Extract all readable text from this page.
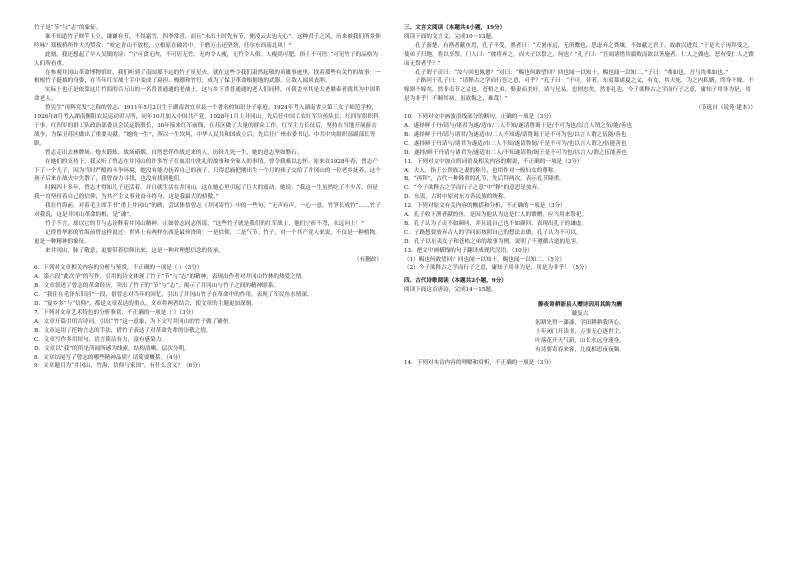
竹子是“节”与“志”的象征。

谁不知道竹子修竿玉立，谦谦有节，不畏霜雪，四季常青，而且“未出土时先有节，便凌云去也无心”。这种君子之风，历来被我们所景仰吟咏？郑板桥所作大为赞赏：“咬定青山不放松，立根原在破岩中。千磨万击还坚劲，任尔东西南北风！”

此刻，我还想起了早人吴镇的诗：“宁可食无肉，不可居无竹。无肉令人瘦，无竹令人俗。人瘦尚可肥，俗士不可医。”可见竹子的品格为人们所看重。

在参观井冈山革命博物馆时，我们听到了南国那不远的竹子星星火。就在这些令我们肃然起敬的英雄事迹里，找着那些有关竹的故事：一根根竹子挺拔的身姿，在当年红军战士手中变成了扁担、梭镖和竹钉，成为了保卫革命根据地的武器，让敌人闻风丧胆。

实际上也正是依靠这片竹海的百万山的一名普普通通的老战士，这与乡下普普通通的老人们同样，可我歪卒其是大老鼎泰者就其为中国革命老人。

曾宪生“再辉竞发”之称的曾志，1911年5月2日生于湖南省宜章县一个著名的知识分子家庭。1924年考入湖南省立第三女子师范学校，1926年8月考入湖南衡阳农民运动讲习所，同年10月加入中国共产党。1928年1月上井冈山，先后任中国工农红军宣传队长、红四军组织科干事、红四军的群工队政治部委员会民运股股长，30年接来红军前线，在苏区做了大量的群众工作，红军主力长征后，坚持在当地开展游击战争，为保卫苏区做出了重要贡献。“她的一生”，所以一生坎坷，中华人民共和国成立后，先后任广州市委书记、中共中央组织部副部长等职。

曾志走出去林牌场、炮火锻炼、战场硝烟、自然恶伴作战过来的人，历经九死一生，她的意志坚如磐石。

在她们的支持下，我又听了曾志在井冈山的许多竹子在血泪中洗礼的故事和全家人的事情，曾令我难以忘怀。原来在1928年春，曾志产下了一个儿子，因为当时严酷的斗争环境，她没有能力抚养自己的孩子，只得忍痛把刚出生一个月的孩子交给了井冈山的一位老乡抚养，这个孩子后来在战火中失散了，我曾奋力寻找，也没有找到他们。

时隔四十多年，曾志才得知儿子还活着，并且就生活在井冈山，这在她心里引起了巨大的震动。她说：“我这一生虽然吃了不少苦，但是我一直坚持着自己的信仰，为共产主义事业奋斗终身，这是我最大的骄傲。”

我在竹海前，对着毛主席手书“重上井冈山”的碑，尝试体悟曾志《井冈寄竹》中的一些句，“无声有声，一心一意，竹笋长成竹”……竹子对我说，这是井冈山革命的根，是“魂”。

竹子不言，却以它的节与志诠释着井冈山精神。正如曾志同志所说，“这些竹子就是我们的红军战士，他们宁折不弯，永远向上！”

记得曾华彩的竹海前曾这样说过：世界上有两样东西是最珍贵的：一是信仰，二是气节。竹子，对一个共产党人来说，不仅是一种植物，更是一种精神的象征。

来井冈山，脉了敬意，更要带着信仰出来，这是一种对理想信念的传承。

（有删改）

6．下列对文章相关内容的分析与鉴赏，不正确的一项是（ ）（3分）

A．第六段“此次孕”的写作，引用的诗文体现了竹子“节”与“志”的精神，表现出作者对井冈山竹林的热爱之情。

B．文章叙述了曾志的革命经历，突出了竹子的“节”与“志”，揭示了井冈山与竹子之间的精神联系。

C．“我住在毛泽东旧居”一段，借曾志对当年的回忆，引出了井冈山竹子在革命中的作用，表现了军民鱼水情深。

D．“宴乡多”与“信仰”，都是文章表达的重点，文章将两者结合，使文章的主题更加深刻。

7．下列对文章艺术特色的分析鉴赏，不正确的一项是（ ）（3分）

A．文章开篇引用古诗词，引出“竹”这一意象，为下文写井冈山的竹子做了铺垫。

B．文章运用了托物言志的手法，借竹子表达了对革命先辈的崇敬之情。

C．文章写作多用短句，语言简洁有力，富有感染力。

D．文章以“我”的所见所闻所感为线索，结构清晰，层次分明。

8．文章结尾写了曾志的哪些精神品质？请简要概括。（4分）

9．文章题目为“井冈山，竹海，信仰与家国”，有什么含义？（6分）

三、文言文阅读（本题共4小题，19分）

阅读下面的文言文，完成10～13题。

孔子游楚，有渔者献鱼焉，孔子不受。渔者曰：“天暑市远，无所鬻也，思虑弃之粪壤，不如献之君子，故敢以进焉。”于是夫子再拜受之，使弟子扫地，将以享祭。门人曰：“彼将弃之，而夫子以祭之，何也？”孔子曰：“吾闻诸惜其腐败而欲以务施者，仁人之偶也，恶有受仁人之馈而无祭者乎？”

孔子谓子贡曰：“汝与回也孰愈？”对曰：“赐也何敢望回？回也闻一以知十，赐也闻一以知二。”子曰：“弗如也。吾与汝弗如也。”

子路问于孔子曰：“请释古之学而行吾之意，可乎？”孔子曰：“不可。昔者，东夷慕诸夏之义，有女，其夫死，为之内私婿，终身不嫁。不嫁则不嫁矣，然非贞节之义也。苍梧之弟，娶妻而美好，请与兄易。忠则忠矣，然非礼也。今子欲释古之学而行子之意，庸知子用非为是，用是为非乎！不顺其初，虽欲悔之，难哉！”

（节选自《说苑·建本》）

10．下列对文中画波浪线部分的断句，正确的一项是（3分）

A．遂择鲜于丹/请与/诸君为遂/适市/二人不知/遂请鲁谒于是/不可为也/以言人谓之伍/能/善也

B．遂择鲜于丹/请与诸君/为遂适市/二人不知遂/请鲁谒于是不可为也/以言人谓之伍能/善也

C．遂择鲜于丹请与/诸君为遂适/市二人不知/遂请鲁谒/于是不可为/也以言人谓之/伍能善也

D．遂择/鲜于丹请与诸君为/遂适市二人/不知遂请鲁/谒于是不可为也/以言人/谓之伍能善也

11．下列对文中加点的词语及相关内容的解说，不正确的一项是（3分）

A．夫人，指王公贵族之妻的称号，也用作对一般妇女的尊称。

B．“再拜”，古代一种隆重的礼节，先后拜两次，表示礼节隆重。

C．“今子欲释古之学而行子之意”中“释”的意思是放弃。

D．东夷，古时中原对东方各民族的统称。

12．下列对原文有关内容的概括和分析，不正确的一项是（3分）

A．孔子收下渔者献的鱼，是因为他认为这是仁人的馈赠，应当用来祭祀。

B．孔子认为子贡不如颜回，并且说自己也不如颜回，表现出孔子的谦虚。

C．子路想要放弃古人的学问而按照自己的想法去做，孔子认为不可以。

D．孔子以东夷女子和苍梧之弟的故事为例，说明了不遵循古道的危害。

13．把文中画横线的句子翻译成现代汉语。（10分）

（1）赐也何敢望回？回也闻一以知十，赐也闻一以知二。（5分）

（2）今子欲释古之学而行子之意，庸知子用非为是，用是为非乎！（5分）

四、古代诗歌阅读（本题共2小题，9分）

阅读下面这首唐诗，完成14～15题。

静夜寄耕浙县人赠诗因用其韵为酬

戴复古

躬耕先得一漆漆，学田耕耕我所心。

十年闭门开读书，万事无心逐世尘。

叶落花开天气新，山长水远身迷身。

有诗要寄春来客，几度相思夜夜频。

14．下列对本诗内容的理解和赏析，不正确的一项是（3分）
